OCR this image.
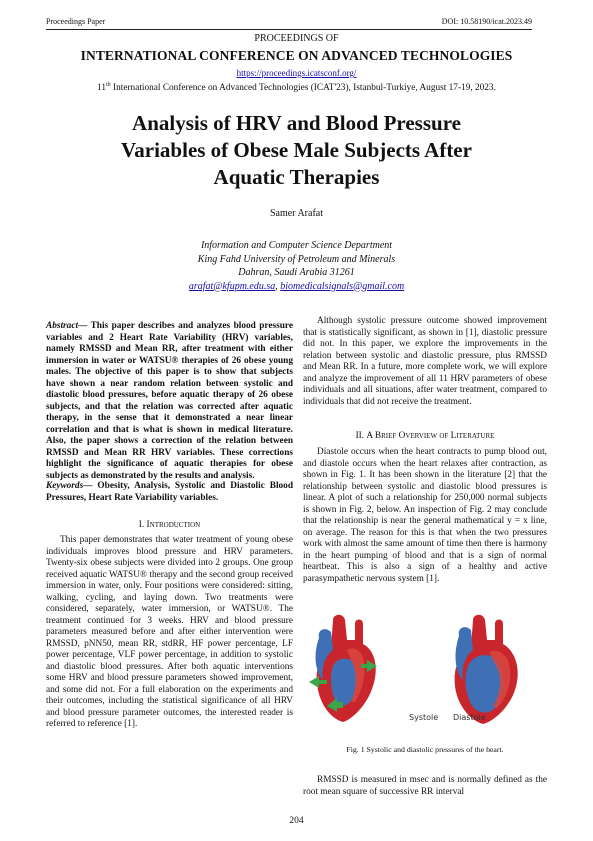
Proceedings Paper	DOI: 10.58190/icat.2023.49
PROCEEDINGS OF
INTERNATIONAL CONFERENCE ON ADVANCED TECHNOLOGIES
https://proceedings.icatsconf.org/
11th International Conference on Advanced Technologies (ICAT'23), Istanbul-Turkiye, August 17-19, 2023.
Analysis of HRV and Blood Pressure
Variables of Obese Male Subjects After
Aquatic Therapies
Samer Arafat
Information and Computer Science Department
King Fahd University of Petroleum and Minerals
Dahran, Saudi Arabia 31261
arafat@kfupm.edu.sa, biomedicalsignals@gmail.com
Abstract— This paper describes and analyzes blood pressure variables and 2 Heart Rate Variability (HRV) variables, namely RMSSD and Mean RR, after treatment with either immersion in water or WATSU® therapies of 26 obese young males. The objective of this paper is to show that subjects have shown a near random relation between systolic and diastolic blood pressures, before aquatic therapy of 26 obese subjects, and that the relation was corrected after aquatic therapy, in the sense that it demonstrated a near linear correlation and that is what is shown in medical literature. Also, the paper shows a correction of the relation between RMSSD and Mean RR HRV variables. These corrections highlight the significance of aquatic therapies for obese subjects as demonstrated by the results and analysis.
Keywords— Obesity, Analysis, Systolic and Diastolic Blood Pressures, Heart Rate Variability variables.
I. Introduction

This paper demonstrates that water treatment of young obese individuals improves blood pressure and HRV parameters. Twenty-six obese subjects were divided into 2 groups. One group received aquatic WATSU® therapy and the second group received immersion in water, only. Four positions were considered: sitting, walking, cycling, and laying down. Two treatments were considered, separately, water immersion, or WATSU®. The treatment continued for 3 weeks. HRV and blood pressure parameters measured before and after either intervention were RMSSD, pNN50, mean RR, stdRR, HF power percentage, LF power percentage, VLF power percentage, in addition to systolic and diastolic blood pressures. After both aquatic interventions some HRV and blood pressure parameters showed improvement, and some did not. For a full elaboration on the experiments and their outcomes, including the statistical significance of all HRV and blood pressure parameter outcomes, the interested reader is referred to reference [1].

Although systolic pressure outcome showed improvement that is statistically significant, as shown in [1], diastolic pressure did not. In this paper, we explore the improvements in the relation between systolic and diastolic pressure, plus RMSSD and Mean RR. In a future, more complete work, we will explore and analyze the improvement of all 11 HRV parameters of obese individuals and all situations, after water treatment, compared to individuals that did not receive the treatment.

II. A Brief Overview of Literature

Diastole occurs when the heart contracts to pump blood out, and diastole occurs when the heart relaxes after contraction, as shown in Fig. 1. It has been shown in the literature [2] that the relationship between systolic and diastolic blood pressures is linear. A plot of such a relationship for 250,000 normal subjects is shown in Fig. 2, below. An inspection of Fig. 2 may conclude that the relationship is near the general mathematical y = x line, on average. The reason for this is that when the two pressures work with almost the same amount of time then there is harmony in the heart pumping of blood and that is a sign of normal heartbeat. This is also a sign of a healthy and active parasympathetic nervous system [1].

Systole Diastole
Fig. 1 Systolic and diastolic pressures of the heart.

RMSSD is measured in msec and is normally defined as the root mean square of successive RR interval

204
